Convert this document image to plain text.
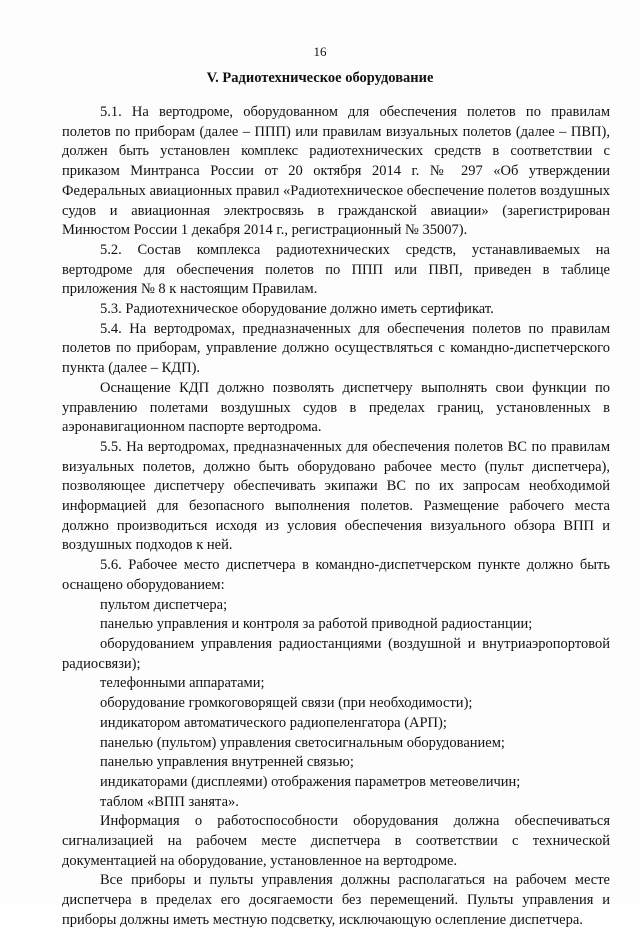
16
V. Радиотехническое оборудование

5.1. На вертодроме, оборудованном для обеспечения полетов по правилам полетов по приборам (далее – ППП) или правилам визуальных полетов (далее – ПВП), должен быть установлен комплекс радиотехнических средств в соответствии с приказом Минтранса России от 20 октября 2014 г. № 297 «Об утверждении Федеральных авиационных правил «Радиотехническое обеспечение полетов воздушных судов и авиационная электросвязь в гражданской авиации» (зарегистрирован Минюстом России 1 декабря 2014 г., регистрационный № 35007).

5.2. Состав комплекса радиотехнических средств, устанавливаемых на вертодроме для обеспечения полетов по ППП или ПВП, приведен в таблице приложения № 8 к настоящим Правилам.

5.3. Радиотехническое оборудование должно иметь сертификат.

5.4. На вертодромах, предназначенных для обеспечения полетов по правилам полетов по приборам, управление должно осуществляться с командно-диспетчерского пункта (далее – КДП).

Оснащение КДП должно позволять диспетчеру выполнять свои функции по управлению полетами воздушных судов в пределах границ, установленных в аэронавигационном паспорте вертодрома.

5.5. На вертодромах, предназначенных для обеспечения полетов ВС по правилам визуальных полетов, должно быть оборудовано рабочее место (пульт диспетчера), позволяющее диспетчеру обеспечивать экипажи ВС по их запросам необходимой информацией для безопасного выполнения полетов. Размещение рабочего места должно производиться исходя из условия обеспечения визуального обзора ВПП и воздушных подходов к ней.

5.6. Рабочее место диспетчера в командно-диспетчерском пункте должно быть оснащено оборудованием:

пультом диспетчера;

панелью управления и контроля за работой приводной радиостанции;

оборудованием управления радиостанциями (воздушной и внутриаэропортовой радиосвязи);

телефонными аппаратами;

оборудование громкоговорящей связи (при необходимости);

индикатором автоматического радиопеленгатора (АРП);

панелью (пультом) управления светосигнальным оборудованием;

панелью управления внутренней связью;

индикаторами (дисплеями) отображения параметров метеовеличин;

таблом «ВПП занята».

Информация о работоспособности оборудования должна обеспечиваться сигнализацией на рабочем месте диспетчера в соответствии с технической документацией на оборудование, установленное на вертодроме.

Все приборы и пульты управления должны располагаться на рабочем месте диспетчера в пределах его досягаемости без перемещений. Пульты управления и приборы должны иметь местную подсветку, исключающую ослепление диспетчера.
